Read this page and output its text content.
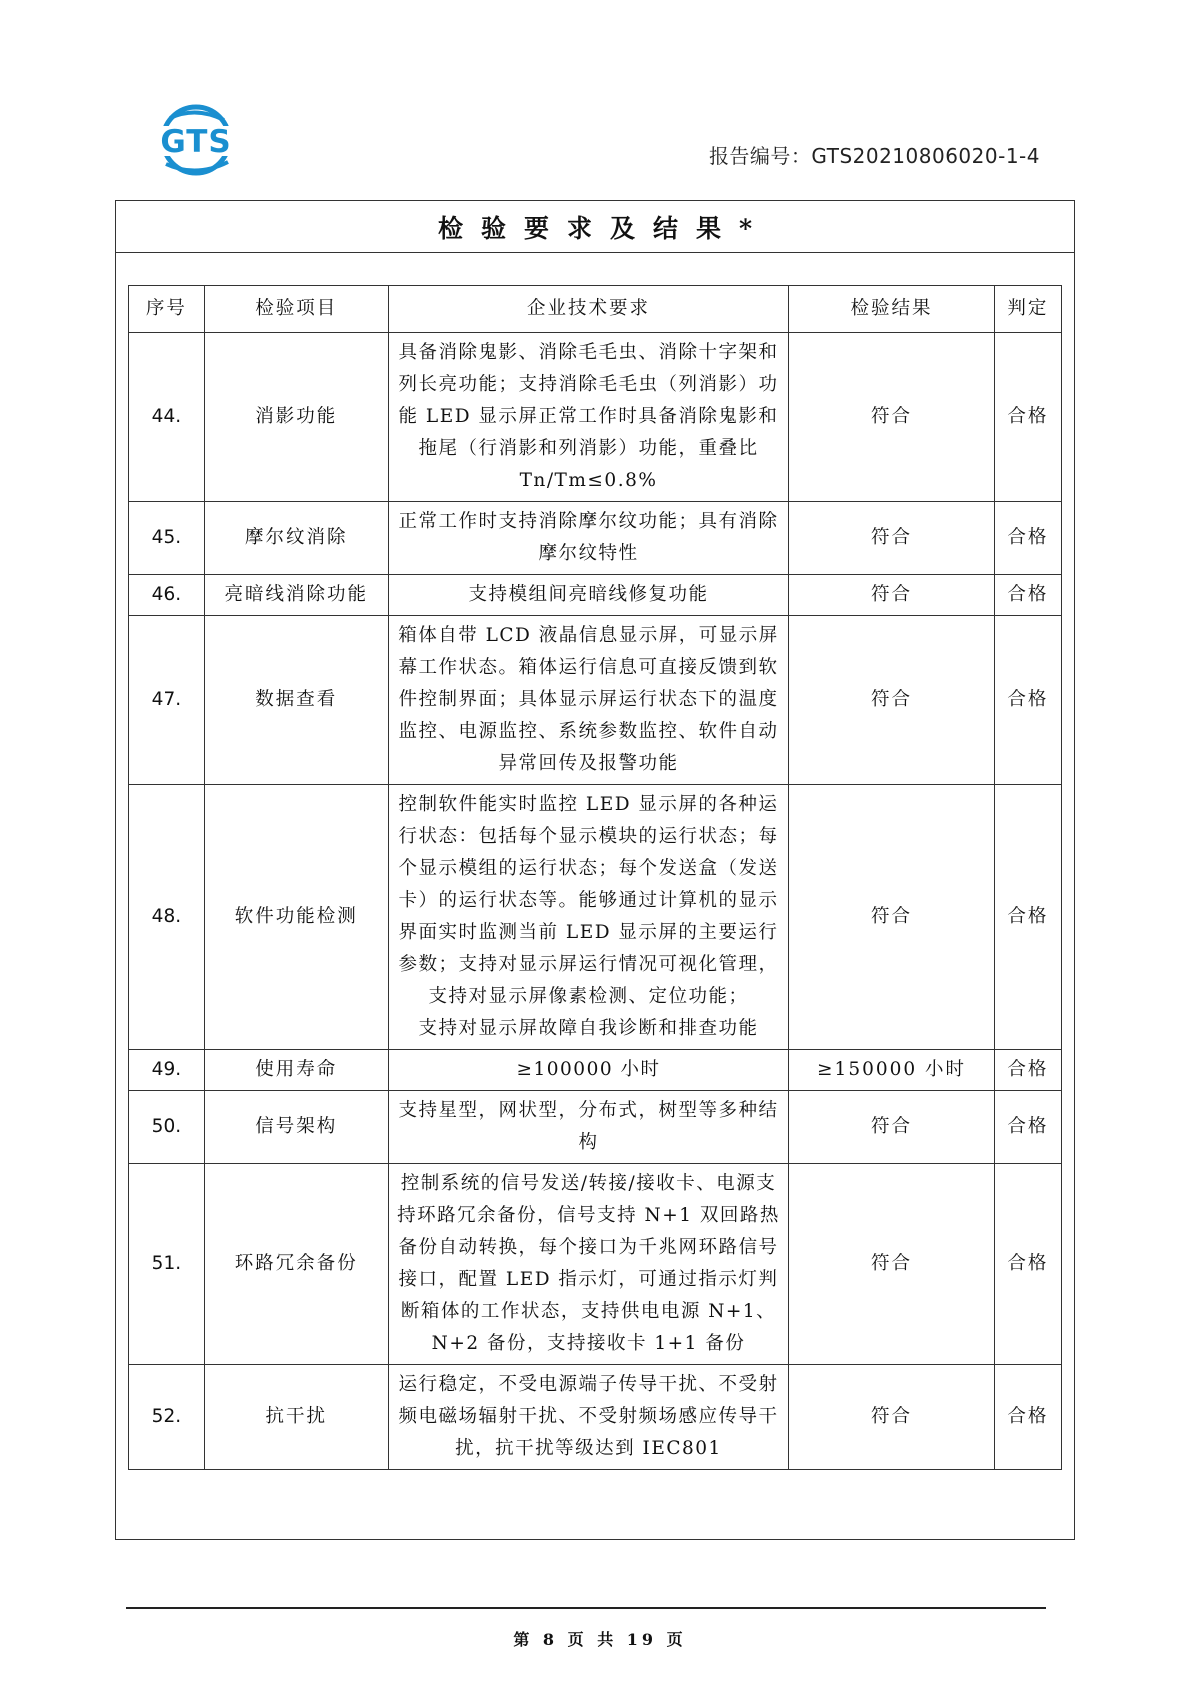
GTS	报告编号：GTS20210806020-1-4
检验要求及结果*
序号	检验项目	企业技术要求	检验结果	判定
44.	消影功能	具备消除鬼影、消除毛毛虫、消除十字架和列长亮功能；支持消除毛毛虫（列消影）功能 LED 显示屏正常工作时具备消除鬼影和拖尾（行消影和列消影）功能，重叠比 Tn/Tm≤0.8%	符合	合格
45.	摩尔纹消除	正常工作时支持消除摩尔纹功能；具有消除摩尔纹特性	符合	合格
46.	亮暗线消除功能	支持模组间亮暗线修复功能	符合	合格
47.	数据查看	箱体自带 LCD 液晶信息显示屏，可显示屏幕工作状态。箱体运行信息可直接反馈到软件控制界面；具体显示屏运行状态下的温度监控、电源监控、系统参数监控、软件自动异常回传及报警功能	符合	合格
48.	软件功能检测	控制软件能实时监控 LED 显示屏的各种运行状态：包括每个显示模块的运行状态；每个显示模组的运行状态；每个发送盒（发送卡）的运行状态等。能够通过计算机的显示界面实时监测当前 LED 显示屏的主要运行参数；支持对显示屏运行情况可视化管理，支持对显示屏像素检测、定位功能；
支持对显示屏故障自我诊断和排查功能	符合	合格
49.	使用寿命	≥100000 小时	≥150000 小时	合格
50.	信号架构	支持星型，网状型，分布式，树型等多种结构	符合	合格
51.	环路冗余备份	控制系统的信号发送/转接/接收卡、电源支持环路冗余备份，信号支持 N+1 双回路热备份自动转换，每个接口为千兆网环路信号接口，配置 LED 指示灯，可通过指示灯判断箱体的工作状态，支持供电电源 N+1、N+2 备份，支持接收卡 1+1 备份	符合	合格
52.	抗干扰	运行稳定，不受电源端子传导干扰、不受射频电磁场辐射干扰、不受射频场感应传导干扰，抗干扰等级达到 IEC801	符合	合格
第 8 页 共 19 页
